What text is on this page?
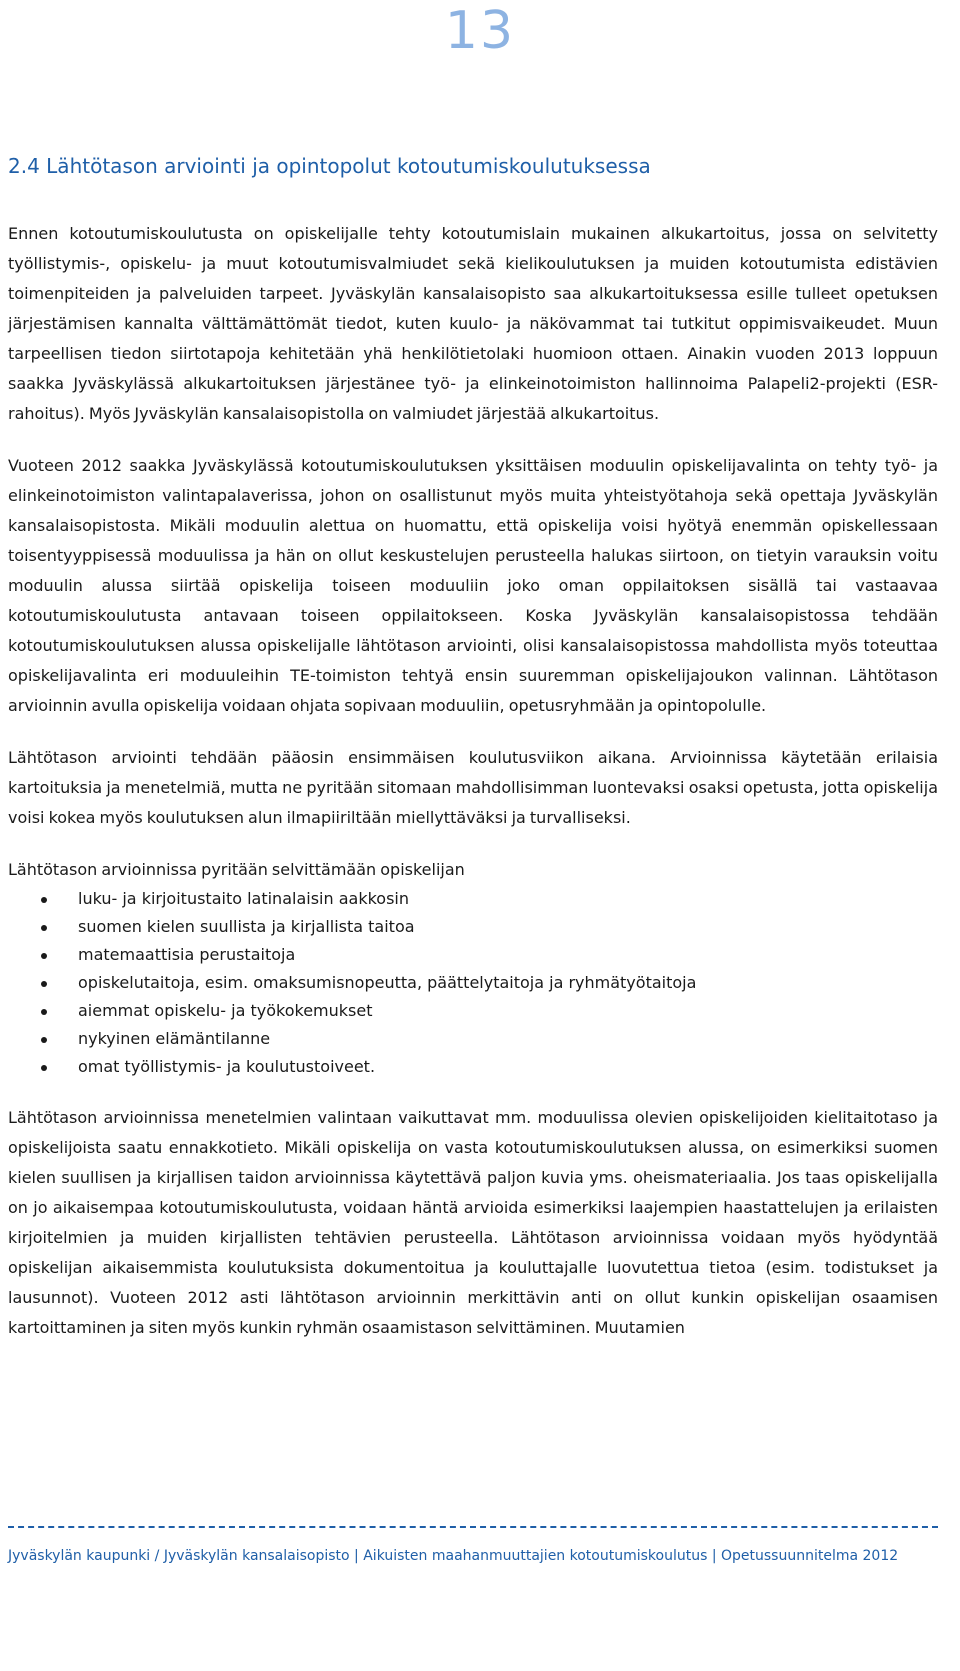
13
2.4 Lähtötason arviointi ja opintopolut kotoutumiskoulutuksessa

Ennen kotoutumiskoulutusta on opiskelijalle tehty kotoutumislain mukainen alkukartoitus, jossa on selvitetty työllistymis-, opiskelu- ja muut kotoutumisvalmiudet sekä kielikoulutuksen ja muiden kotoutumista edistävien toimenpiteiden ja palveluiden tarpeet. Jyväskylän kansalaisopisto saa alkukartoituksessa esille tulleet opetuksen järjestämisen kannalta välttämättömät tiedot, kuten kuulo- ja näkövammat tai tutkitut oppimisvaikeudet. Muun tarpeellisen tiedon siirtotapoja kehitetään yhä henkilötietolaki huomioon ottaen. Ainakin vuoden 2013 loppuun saakka Jyväskylässä alkukartoituksen järjestänee työ- ja elinkeinotoimiston hallinnoima Palapeli2-projekti (ESR-rahoitus). Myös Jyväskylän kansalaisopistolla on valmiudet järjestää alkukartoitus.

Vuoteen 2012 saakka Jyväskylässä kotoutumiskoulutuksen yksittäisen moduulin opiskelijavalinta on tehty työ- ja elinkeinotoimiston valintapalaverissa, johon on osallistunut myös muita yhteistyötahoja sekä opettaja Jyväskylän kansalaisopistosta. Mikäli moduulin alettua on huomattu, että opiskelija voisi hyötyä enemmän opiskellessaan toisentyyppisessä moduulissa ja hän on ollut keskustelujen perusteella halukas siirtoon, on tietyin varauksin voitu moduulin alussa siirtää opiskelija toiseen moduuliin joko oman oppilaitoksen sisällä tai vastaavaa kotoutumiskoulutusta antavaan toiseen oppilaitokseen. Koska Jyväskylän kansalaisopistossa tehdään kotoutumiskoulutuksen alussa opiskelijalle lähtötason arviointi, olisi kansalaisopistossa mahdollista myös toteuttaa opiskelijavalinta eri moduuleihin TE-toimiston tehtyä ensin suuremman opiskelijajoukon valinnan. Lähtötason arvioinnin avulla opiskelija voidaan ohjata sopivaan moduuliin, opetusryhmään ja opintopolulle.

Lähtötason arviointi tehdään pääosin ensimmäisen koulutusviikon aikana. Arvioinnissa käytetään erilaisia kartoituksia ja menetelmiä, mutta ne pyritään sitomaan mahdollisimman luontevaksi osaksi opetusta, jotta opiskelija voisi kokea myös koulutuksen alun ilmapiiriltään miellyttäväksi ja turvalliseksi.

Lähtötason arvioinnissa pyritään selvittämään opiskelijan

luku- ja kirjoitustaito latinalaisin aakkosin
suomen kielen suullista ja kirjallista taitoa
matemaattisia perustaitoja
opiskelutaitoja, esim. omaksumisnopeutta, päättelytaitoja ja ryhmätyötaitoja
aiemmat opiskelu- ja työkokemukset
nykyinen elämäntilanne
omat työllistymis- ja koulutustoiveet.

Lähtötason arvioinnissa menetelmien valintaan vaikuttavat mm. moduulissa olevien opiskelijoiden kielitaitotaso ja opiskelijoista saatu ennakkotieto. Mikäli opiskelija on vasta kotoutumiskoulutuksen alussa, on esimerkiksi suomen kielen suullisen ja kirjallisen taidon arvioinnissa käytettävä paljon kuvia yms. oheismateriaalia. Jos taas opiskelijalla on jo aikaisempaa kotoutumiskoulutusta, voidaan häntä arvioida esimerkiksi laajempien haastattelujen ja erilaisten kirjoitelmien ja muiden kirjallisten tehtävien perusteella. Lähtötason arvioinnissa voidaan myös hyödyntää opiskelijan aikaisemmista koulutuksista dokumentoitua ja kouluttajalle luovutettua tietoa (esim. todistukset ja lausunnot). Vuoteen 2012 asti lähtötason arvioinnin merkittävin anti on ollut kunkin opiskelijan osaamisen kartoittaminen ja siten myös kunkin ryhmän osaamistason selvittäminen. Muutamien

Jyväskylän kaupunki / Jyväskylän kansalaisopisto | Aikuisten maahanmuuttajien kotoutumiskoulutus | Opetussuunnitelma 2012
